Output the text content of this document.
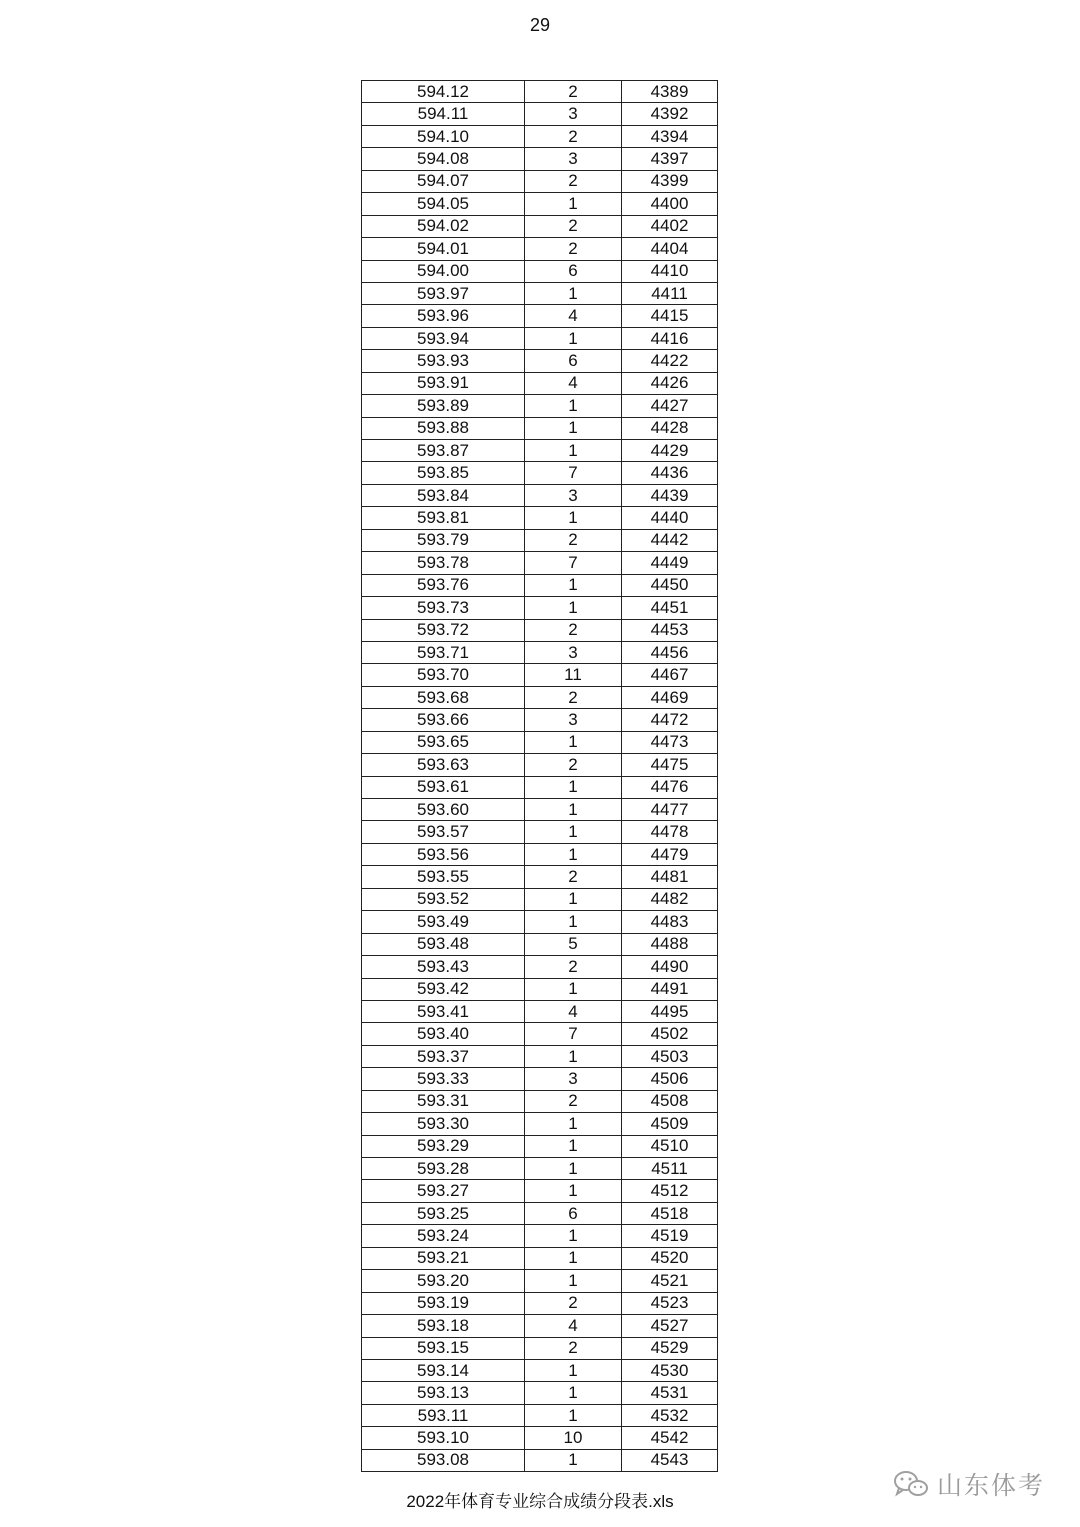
29
594.12	2	4389
594.11	3	4392
594.10	2	4394
594.08	3	4397
594.07	2	4399
594.05	1	4400
594.02	2	4402
594.01	2	4404
594.00	6	4410
593.97	1	4411
593.96	4	4415
593.94	1	4416
593.93	6	4422
593.91	4	4426
593.89	1	4427
593.88	1	4428
593.87	1	4429
593.85	7	4436
593.84	3	4439
593.81	1	4440
593.79	2	4442
593.78	7	4449
593.76	1	4450
593.73	1	4451
593.72	2	4453
593.71	3	4456
593.70	11	4467
593.68	2	4469
593.66	3	4472
593.65	1	4473
593.63	2	4475
593.61	1	4476
593.60	1	4477
593.57	1	4478
593.56	1	4479
593.55	2	4481
593.52	1	4482
593.49	1	4483
593.48	5	4488
593.43	2	4490
593.42	1	4491
593.41	4	4495
593.40	7	4502
593.37	1	4503
593.33	3	4506
593.31	2	4508
593.30	1	4509
593.29	1	4510
593.28	1	4511
593.27	1	4512
593.25	6	4518
593.24	1	4519
593.21	1	4520
593.20	1	4521
593.19	2	4523
593.18	4	4527
593.15	2	4529
593.14	1	4530
593.13	1	4531
593.11	1	4532
593.10	10	4542
593.08	1	4543
2022年体育专业综合成绩分段表.xls
山东体考
